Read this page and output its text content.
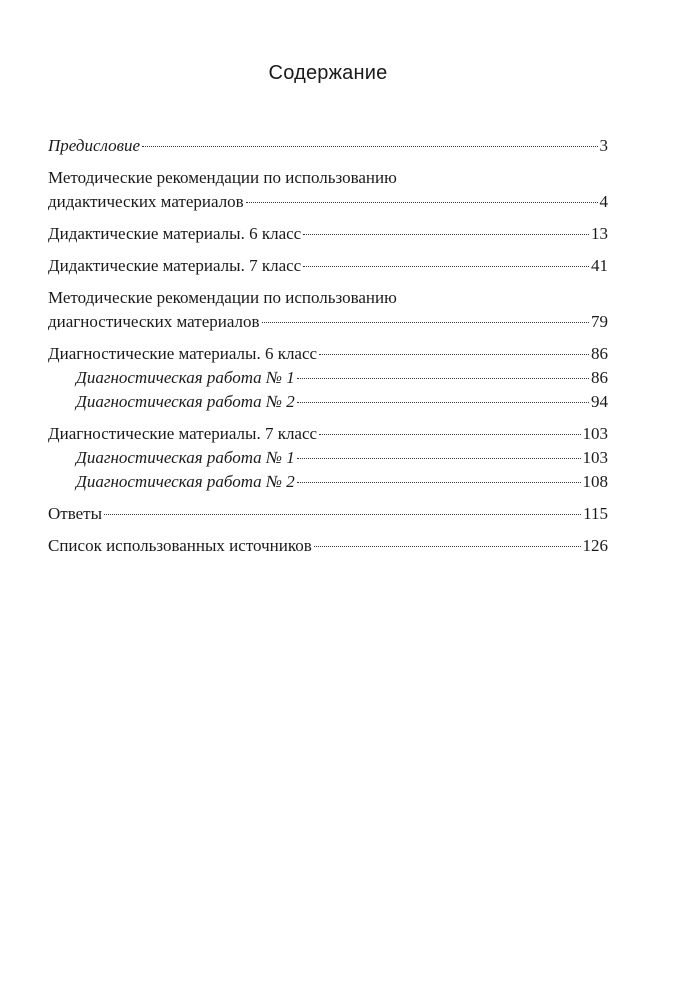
Содержание
Предисловие	3
Методические рекомендации по использованию
дидактических материалов	4
Дидактические материалы. 6 класс	13
Дидактические материалы. 7 класс	41
Методические рекомендации по использованию
диагностических материалов	79
Диагностические материалы. 6 класс	86
Диагностическая работа № 1	86
Диагностическая работа № 2	94
Диагностические материалы. 7 класс	103
Диагностическая работа № 1	103
Диагностическая работа № 2	108
Ответы	115
Список использованных источников	126
